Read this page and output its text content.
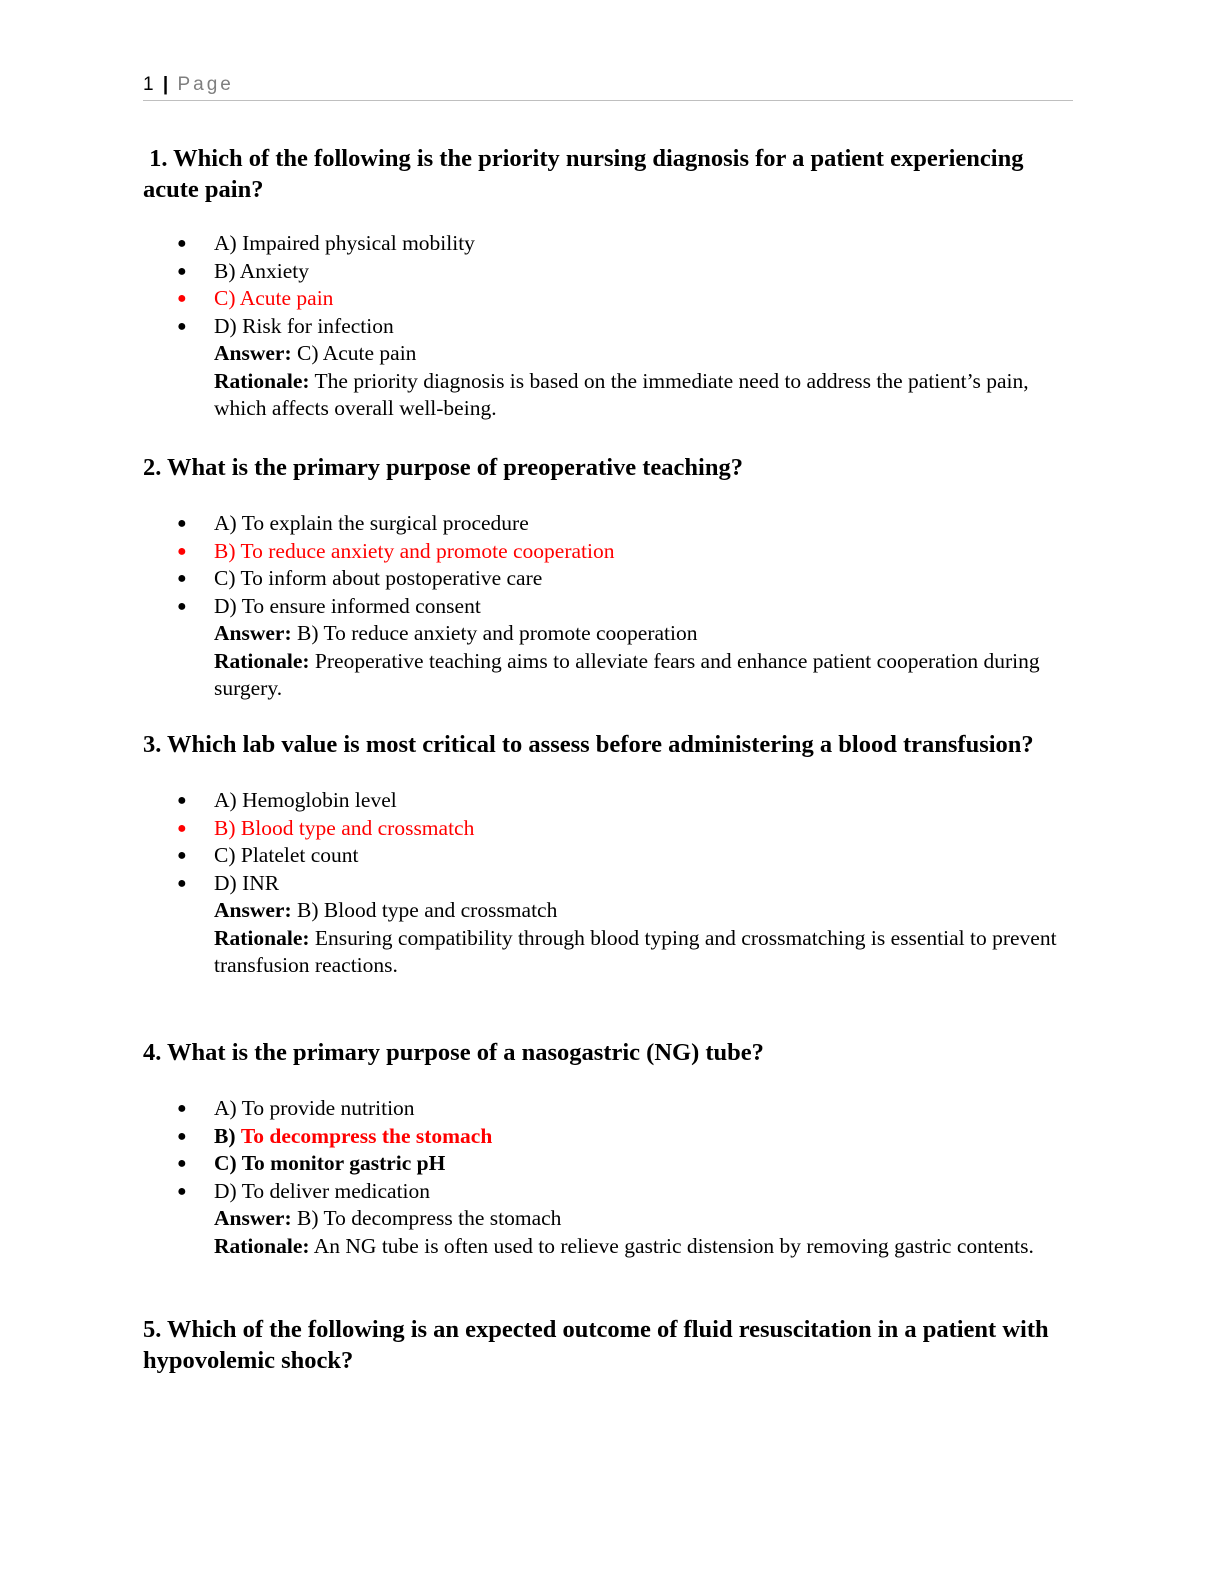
1 | Page

1. Which of the following is the priority nursing diagnosis for a patient experiencing acute pain?

● A) Impaired physical mobility
● B) Anxiety
● C) Acute pain
● D) Risk for infection
Answer: C) Acute pain
Rationale: The priority diagnosis is based on the immediate need to address the patient’s pain, which affects overall well-being.

2. What is the primary purpose of preoperative teaching?

● A) To explain the surgical procedure
● B) To reduce anxiety and promote cooperation
● C) To inform about postoperative care
● D) To ensure informed consent
Answer: B) To reduce anxiety and promote cooperation
Rationale: Preoperative teaching aims to alleviate fears and enhance patient cooperation during surgery.

3. Which lab value is most critical to assess before administering a blood transfusion?

● A) Hemoglobin level
● B) Blood type and crossmatch
● C) Platelet count
● D) INR
Answer: B) Blood type and crossmatch
Rationale: Ensuring compatibility through blood typing and crossmatching is essential to prevent transfusion reactions.

4. What is the primary purpose of a nasogastric (NG) tube?

● A) To provide nutrition
● B) To decompress the stomach
● C) To monitor gastric pH
● D) To deliver medication
Answer: B) To decompress the stomach
Rationale: An NG tube is often used to relieve gastric distension by removing gastric contents.

5. Which of the following is an expected outcome of fluid resuscitation in a patient with hypovolemic shock?
